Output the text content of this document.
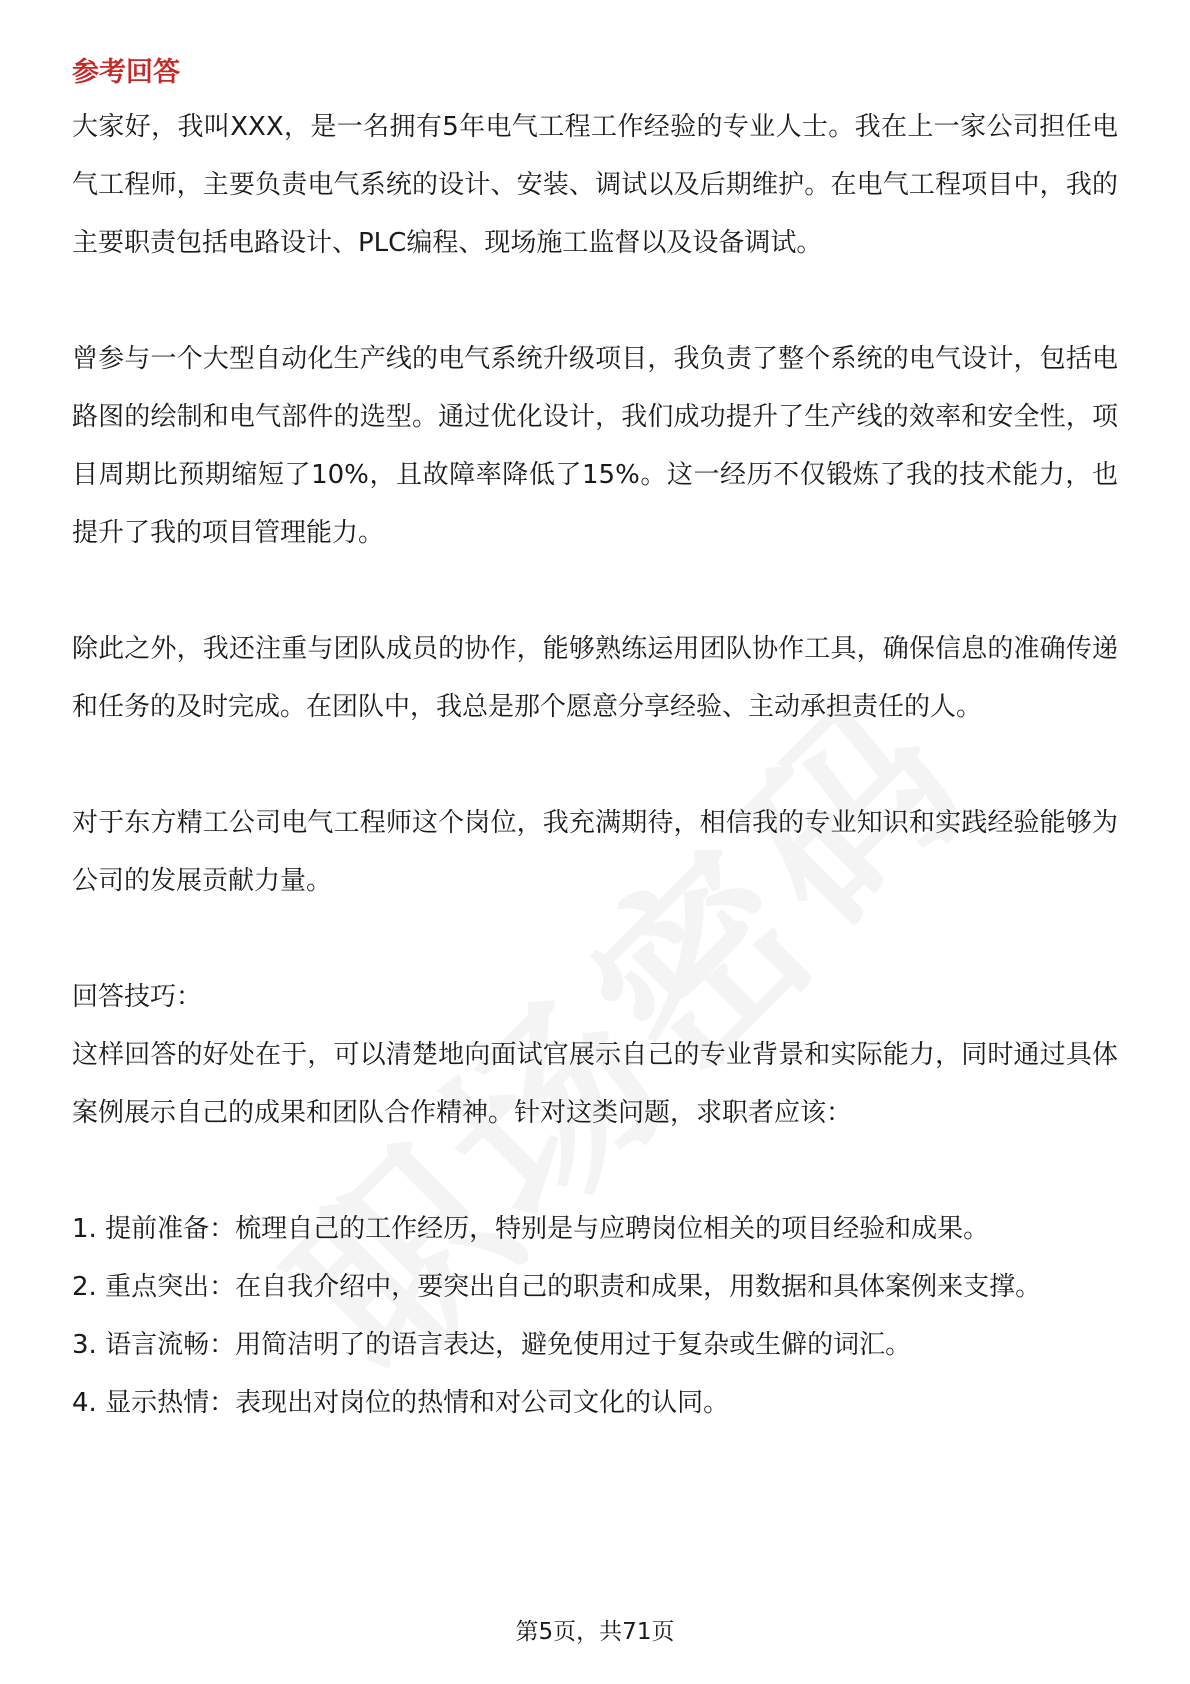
参考回答

大家好，我叫XXX，是一名拥有5年电气工程工作经验的专业人士。我在上一家公司担任电气工程师，主要负责电气系统的设计、安装、调试以及后期维护。在电气工程项目中，我的主要职责包括电路设计、PLC编程、现场施工监督以及设备调试。

曾参与一个大型自动化生产线的电气系统升级项目，我负责了整个系统的电气设计，包括电路图的绘制和电气部件的选型。通过优化设计，我们成功提升了生产线的效率和安全性，项目周期比预期缩短了10%，且故障率降低了15%。这一经历不仅锻炼了我的技术能力，也提升了我的项目管理能力。

除此之外，我还注重与团队成员的协作，能够熟练运用团队协作工具，确保信息的准确传递和任务的及时完成。在团队中，我总是那个愿意分享经验、主动承担责任的人。

对于东方精工公司电气工程师这个岗位，我充满期待，相信我的专业知识和实践经验能够为公司的发展贡献力量。

回答技巧：

这样回答的好处在于，可以清楚地向面试官展示自己的专业背景和实际能力，同时通过具体案例展示自己的成果和团队合作精神。针对这类问题，求职者应该：

1. 提前准备：梳理自己的工作经历，特别是与应聘岗位相关的项目经验和成果。
2. 重点突出：在自我介绍中，要突出自己的职责和成果，用数据和具体案例来支撑。
3. 语言流畅：用简洁明了的语言表达，避免使用过于复杂或生僻的词汇。
4. 显示热情：表现出对岗位的热情和对公司文化的认同。
第5页，共71页
